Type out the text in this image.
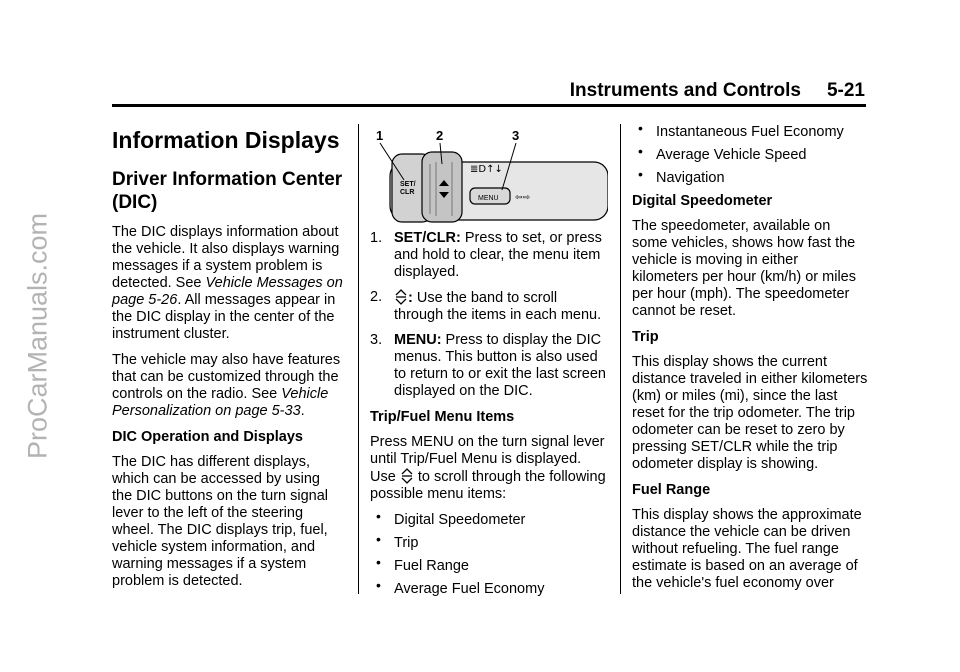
ProCarManuals.com
Instruments and Controls 5-21
Information Displays
Driver Information Center (DIC)

The DIC displays information about the vehicle. It also displays warning messages if a system problem is detected. See Vehicle Messages on page 5-26. All messages appear in the DIC display in the center of the instrument cluster.

The vehicle may also have features that can be customized through the controls on the radio. See Vehicle Personalization on page 5-33.

DIC Operation and Displays

The DIC has different displays, which can be accessed by using the DIC buttons on the turn signal lever to the left of the steering wheel. The DIC displays trip, fuel, vehicle system information, and warning messages if a system problem is detected.

MENU
SET/
CLR
⇦⇨
≣D↑↓
1	2	3
1. SET/CLR: Press to set, or press and hold to clear, the menu item displayed.
2. : Use the band to scroll through the items in each menu.
3. MENU: Press to display the DIC menus. This button is also used to return to or exit the last screen displayed on the DIC.

Trip/Fuel Menu Items

Press MENU on the turn signal lever until Trip/Fuel Menu is displayed. Use to scroll through the following possible menu items:

• Digital Speedometer
• Trip
• Fuel Range
• Average Fuel Economy
• Instantaneous Fuel Economy
• Average Vehicle Speed
• Navigation

Digital Speedometer

The speedometer, available on some vehicles, shows how fast the vehicle is moving in either kilometers per hour (km/h) or miles per hour (mph). The speedometer cannot be reset.

Trip

This display shows the current distance traveled in either kilometers (km) or miles (mi), since the last reset for the trip odometer. The trip odometer can be reset to zero by pressing SET/CLR while the trip odometer display is showing.

Fuel Range

This display shows the approximate distance the vehicle can be driven without refueling. The fuel range estimate is based on an average of the vehicle's fuel economy over
